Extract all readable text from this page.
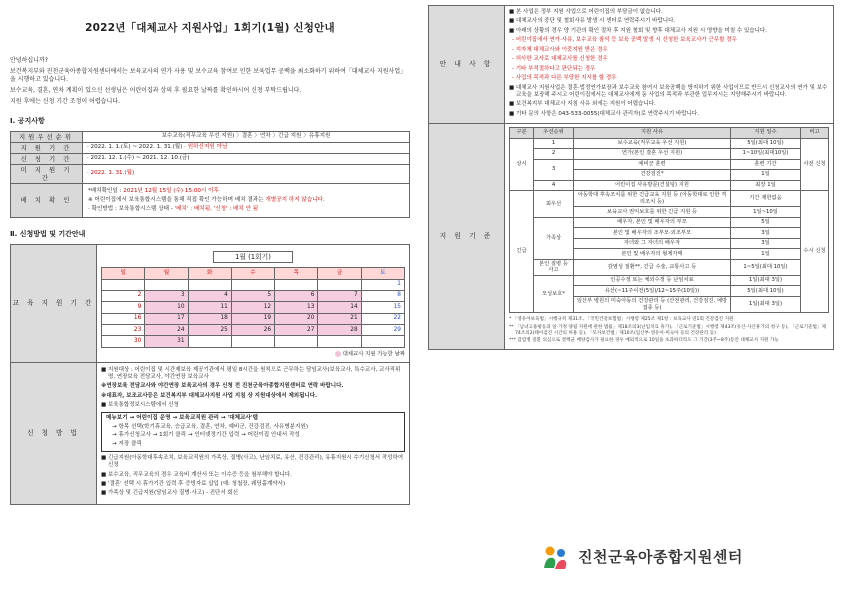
2022년「대체교사 지원사업」1회기(1월) 신청안내

안녕하십니까?

보건복지부와 진천군육아종합지원센터에서는 보육교사의 연가 사용 및 보수교육 참여로 인한 보육업무 공백을 최소화하기 위하여「대체교사 지원사업」을 시행하고 있습니다.

보수교육, 결혼, 연차 계획이 있으신 선생님은 어린이집과 상의 후 필요한 날짜를 확인하시어 신청 부탁드립니다.

지원 후에는 신청 기간 조정이 어렵습니다.

Ⅰ. 공지사항
지원우선순위	보수교육(직무교육 우선 지원) 〉결혼 〉연차 〉긴급 지원 〉유휴지원
지 원 기 간	· 2022. 1. 1.(토) ~ 2022. 1. 31.(월) · 원하신지원 아님
신 청 기 간	· 2021. 12. 1.(수) ~ 2021. 12. 10.(금)
미 지 원 기 간	· 2022. 1. 31.(월)
배 치 확 인	*배치확인일 : 2021년 12월 15일 (수) 15:00시 이후
※ 어린이집에서 보육통합시스템을 통해 직접 확인 가능하며 배치 결과는 개별공지 하지 않습니다.
· 확인방법 : 보육통합시스템 상태 - '배치' : 배치됨, '신청' : 배치 안 됨
Ⅱ. 신청방법 및 기간안내
교 육 지 원 기 간	
1월 (1회기)
일	월	화	수	목	금	토
						1
2	3	4	5	6	7	8
9	10	11	12	13	14	15
16	17	18	19	20	21	22
23	24	25	26	27	28	29
30	31					
대체교사 지원 가능한 날짜

신 청 방 법	
■ 지원대상 : 어린이집 및 시간제보육 제공기관에서 평일 8시간을 원칙으로 근무하는 담임교사(보육교사, 특수교사, 교사직위명, 연장보육 전담교사, 야간연장 보육교사
※연장보육 전담교사와 야간연장 보육교사의 경우 신청 전 진천군육아종합지원센터로 연락 바랍니다.
※대표자, 보조교사등은 보건복지부 대체교사지원 사업 지침 상 지원대상에서 제외됩니다.
■ 보육통합정보시스템에서 신청
메뉴보기 → 어린이집 운영 → 보육교직원 관리 → '대체교사'탭
→ 항목 선택(학기휴교육, 승급교육, 결혼, 연차, 예비군, 건강검진, 사유병분지원)
→ 휴가신청교사 → 1회기 클릭 → 인터넷정기간 입력 → 어린이집 안내서 작성
→ 저장 클릭
■ 긴급지원(아동학대후속조치, 보육교직원의 가족상, 질병(사고), 난임치료, 유산, 건강관리), 유휴지원시 수기신청서 작성하여 신청
■ 보수교육, 직무교육의 경우 교육비 계산서 또는 이수증 등을 첨부해야 합니다.
■ '결혼' 선택 시 휴가기간 입력 후 증빙자료 삽입 (예: 청첩장, 웨딩홀계약서)
■ 가족상 및 긴급지원(담임교사 질병·사고) - 진단서 회신
안 내 사 항	
■ 본 사업은 정부 지원 사업으로 어린이집의 부담금이 없습니다.
■ 대체교사의 중단 및 철회사유 발생 시 센터로 연락주시기 바랍니다.
■ 아래의 상황의 경우 양 기관의 확인 절차 후 지원 철회 및 향후 대체교사 지원 시 영향을 미칠 수 있습니다.
- 어린이집에서 연가·사유, 보수교육 참석 등 보육 공백 발생 시 신청한 보육교사가 근무할 경우
- 지자체 대체교사와 이중지원 받은 경우
- 허사한 교사로 대체교사를 신청한 경우
- 기타 부적절하다고 판단되는 경우
- 사업의 목적과 다른 부당한 지시를 할 경우
■ 대체교사 지원사업은 결혼·법정연가보장과 보수교육 참여시 보육공백을 방지하기 위한 사업이므로 반드시 신청교사의 연가 및 보수교육을 보장해 주시고 어린이집에서는 대체교사에게 동 사업의 목적과 부관한 업무지시는 지양해주시기 바랍니다.
■ 보건복지부 대체교사 지침 사유 외에는 지원이 어렵습니다.
■ 기타 문의 사항은 043-533-0055(대체교사 관리자)로 연락주시기 바랍니다.

지 원 기 준	
구분	우선순위	지원 사유	지원 일수	비고
상시	1	보수교육(직무교육 우선 지원)	5일(최대 10일)	사전 신청
2	연가(본인 결혼 우선 지원)	1~10일(최대10일)
3	예비군 훈련	훈련 기간
건강검진*	1일
4	어린이집 사유방문(건설팅) 지원	최장 1일
긴급	최우선	아동학대 후속조치를 위한 긴급교육 지원 등 (아동학대로 인한 격리조치 등)	기간 제한없음	수시 신청
보육교사 권익보호를 위한 긴급 지원 등	1일~10일
가족상	배우자, 본인 및 배우자의 부모	5일
본인 및 배우자의 조부모·외조부모	3일
자녀와 그 자녀의 배우자	3일
본인 및 배우자의 형제자매	1일
본인 질병 등 사고	감염성 질환**, 긴급 수술, 교통사고 등	1~5일(최대 10일)
모성보호*	인공수정 또는 체외수정 등 난임치료	1일(최대 3일)
유산(~11주이전(5일)/12~15주(10일))	5일(최대 10일)
임산부 병원의 미숙아동의 건강관리 등 (산전관리, 건강검진, 예방접종 등)	1일(최대 3일)
* 「영유아보육법」시행규칙 제31조, 「국민건강보험법」시행령 제25조 제1항 : 보육교사 연1회 건강검진 지원
** 「남녀고용평등과 일·가정 양립 지원에 관한 법률」제18조의3(난임치료 휴가), 「근로기준법」시행령 제43조(유산·사산휴가의 청구 등), 「근로기준법」제74조의2(태아검진 시간의 허용 등), 「모자보건법」제10조(임산부·영유아·미숙아 등의 건강관리 등)
*** 감염병 질환 의심으로 결핵균 배양검사가 필요한 경우 예외적으로 10일을 초과하더라도 그 기간(3주~8주)동안 대체교사 지원 가능
진천군육아종합지원센터
